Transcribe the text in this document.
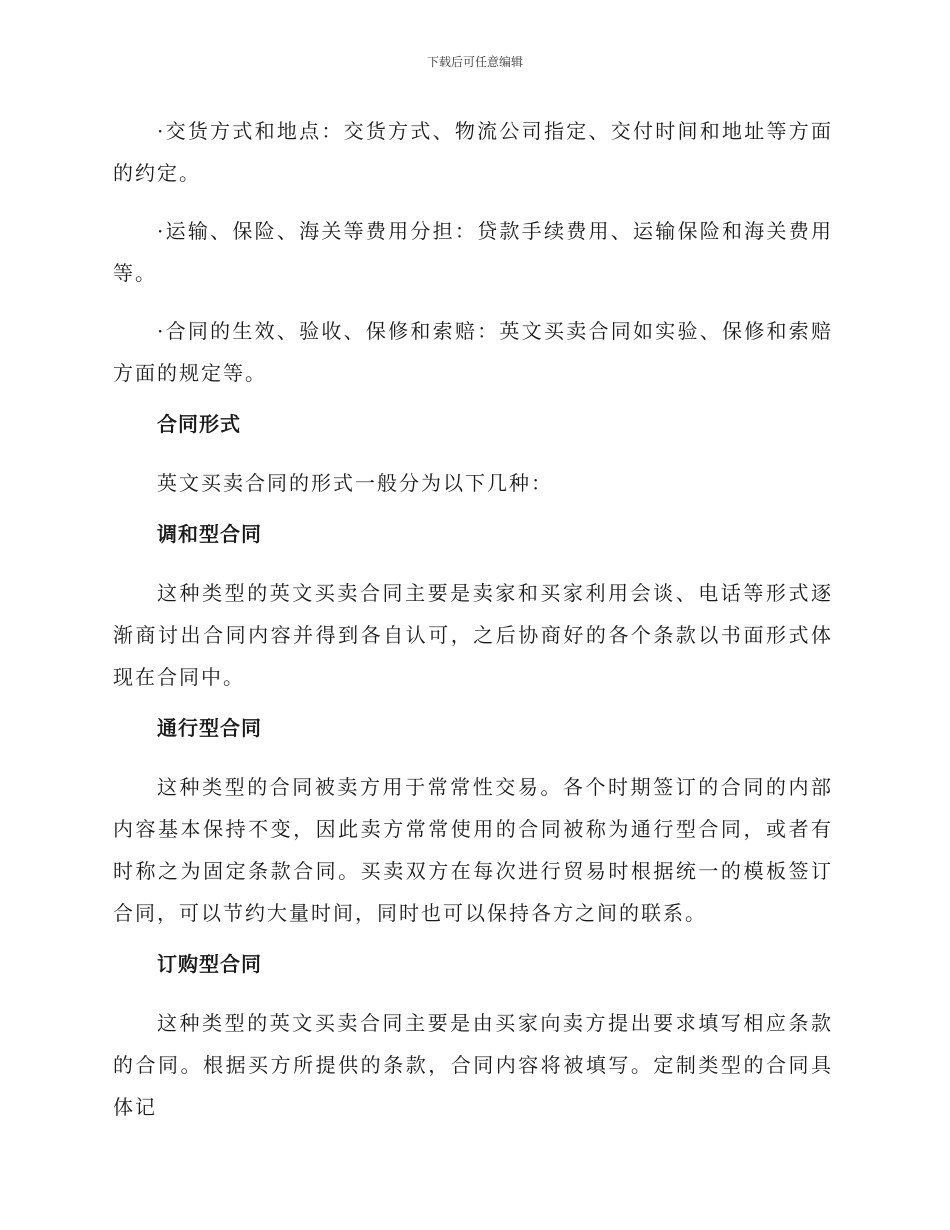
下载后可任意编辑

·交货方式和地点：交货方式、物流公司指定、交付时间和地址等方面的约定。

·运输、保险、海关等费用分担：贷款手续费用、运输保险和海关费用等。

·合同的生效、验收、保修和索赔：英文买卖合同如实验、保修和索赔方面的规定等。

合同形式

英文买卖合同的形式一般分为以下几种：

调和型合同

这种类型的英文买卖合同主要是卖家和买家利用会谈、电话等形式逐渐商讨出合同内容并得到各自认可，之后协商好的各个条款以书面形式体现在合同中。

通行型合同

这种类型的合同被卖方用于常常性交易。各个时期签订的合同的内部内容基本保持不变，因此卖方常常使用的合同被称为通行型合同，或者有时称之为固定条款合同。买卖双方在每次进行贸易时根据统一的模板签订合同，可以节约大量时间，同时也可以保持各方之间的联系。

订购型合同

这种类型的英文买卖合同主要是由买家向卖方提出要求填写相应条款的合同。根据买方所提供的条款，合同内容将被填写。定制类型的合同具体记
